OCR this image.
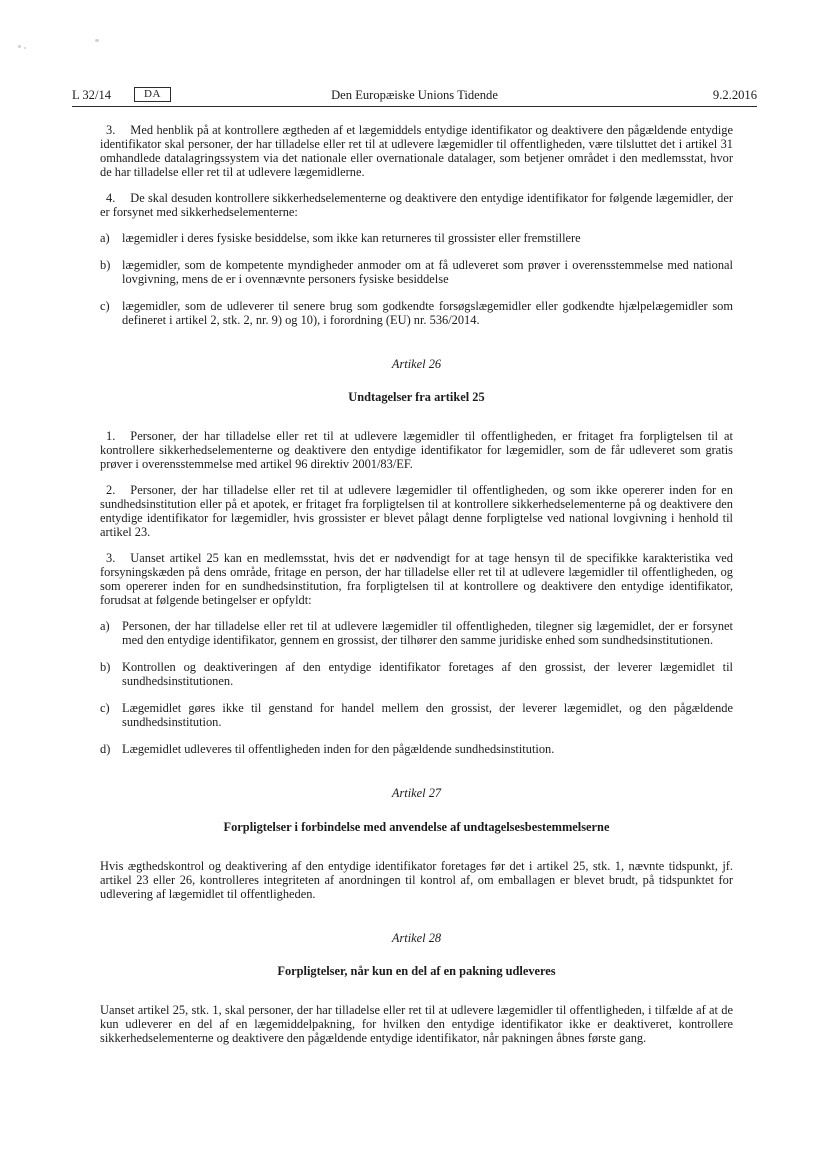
L 32/14	DA	Den Europæiske Unions Tidende	9.2.2016

3. Med henblik på at kontrollere ægtheden af et lægemiddels entydige identifikator og deaktivere den pågældende entydige identifikator skal personer, der har tilladelse eller ret til at udlevere lægemidler til offentligheden, være tilsluttet det i artikel 31 omhandlede datalagringssystem via det nationale eller overnationale datalager, som betjener området i den medlemsstat, hvor de har tilladelse eller ret til at udlevere lægemidlerne.

4. De skal desuden kontrollere sikkerhedselementerne og deaktivere den entydige identifikator for følgende lægemidler, der er forsynet med sikkerhedselementerne:

a) lægemidler i deres fysiske besiddelse, som ikke kan returneres til grossister eller fremstillere
b) lægemidler, som de kompetente myndigheder anmoder om at få udleveret som prøver i overensstemmelse med national lovgivning, mens de er i ovennævnte personers fysiske besiddelse
c) lægemidler, som de udleverer til senere brug som godkendte forsøgslægemidler eller godkendte hjælpelægemidler som defineret i artikel 2, stk. 2, nr. 9) og 10), i forordning (EU) nr. 536/2014.

Artikel 26

Undtagelser fra artikel 25

1. Personer, der har tilladelse eller ret til at udlevere lægemidler til offentligheden, er fritaget fra forpligtelsen til at kontrollere sikkerhedselementerne og deaktivere den entydige identifikator for lægemidler, som de får udleveret som gratis prøver i overensstemmelse med artikel 96 direktiv 2001/83/EF.

2. Personer, der har tilladelse eller ret til at udlevere lægemidler til offentligheden, og som ikke opererer inden for en sundhedsinstitution eller på et apotek, er fritaget fra forpligtelsen til at kontrollere sikkerhedselementerne på og deaktivere den entydige identifikator for lægemidler, hvis grossister er blevet pålagt denne forpligtelse ved national lovgivning i henhold til artikel 23.

3. Uanset artikel 25 kan en medlemsstat, hvis det er nødvendigt for at tage hensyn til de specifikke karakteristika ved forsyningskæden på dens område, fritage en person, der har tilladelse eller ret til at udlevere lægemidler til offentligheden, og som opererer inden for en sundhedsinstitution, fra forpligtelsen til at kontrollere og deaktivere den entydige identifikator, forudsat at følgende betingelser er opfyldt:

a) Personen, der har tilladelse eller ret til at udlevere lægemidler til offentligheden, tilegner sig lægemidlet, der er forsynet med den entydige identifikator, gennem en grossist, der tilhører den samme juridiske enhed som sundhedsinstitutionen.
b) Kontrollen og deaktiveringen af den entydige identifikator foretages af den grossist, der leverer lægemidlet til sundhedsinstitutionen.
c) Lægemidlet gøres ikke til genstand for handel mellem den grossist, der leverer lægemidlet, og den pågældende sundhedsinstitution.
d) Lægemidlet udleveres til offentligheden inden for den pågældende sundhedsinstitution.

Artikel 27

Forpligtelser i forbindelse med anvendelse af undtagelsesbestemmelserne

Hvis ægthedskontrol og deaktivering af den entydige identifikator foretages før det i artikel 25, stk. 1, nævnte tidspunkt, jf. artikel 23 eller 26, kontrolleres integriteten af anordningen til kontrol af, om emballagen er blevet brudt, på tidspunktet for udlevering af lægemidlet til offentligheden.

Artikel 28

Forpligtelser, når kun en del af en pakning udleveres

Uanset artikel 25, stk. 1, skal personer, der har tilladelse eller ret til at udlevere lægemidler til offentligheden, i tilfælde af at de kun udleverer en del af en lægemiddelpakning, for hvilken den entydige identifikator ikke er deaktiveret, kontrollere sikkerhedselementerne og deaktivere den pågældende entydige identifikator, når pakningen åbnes første gang.
